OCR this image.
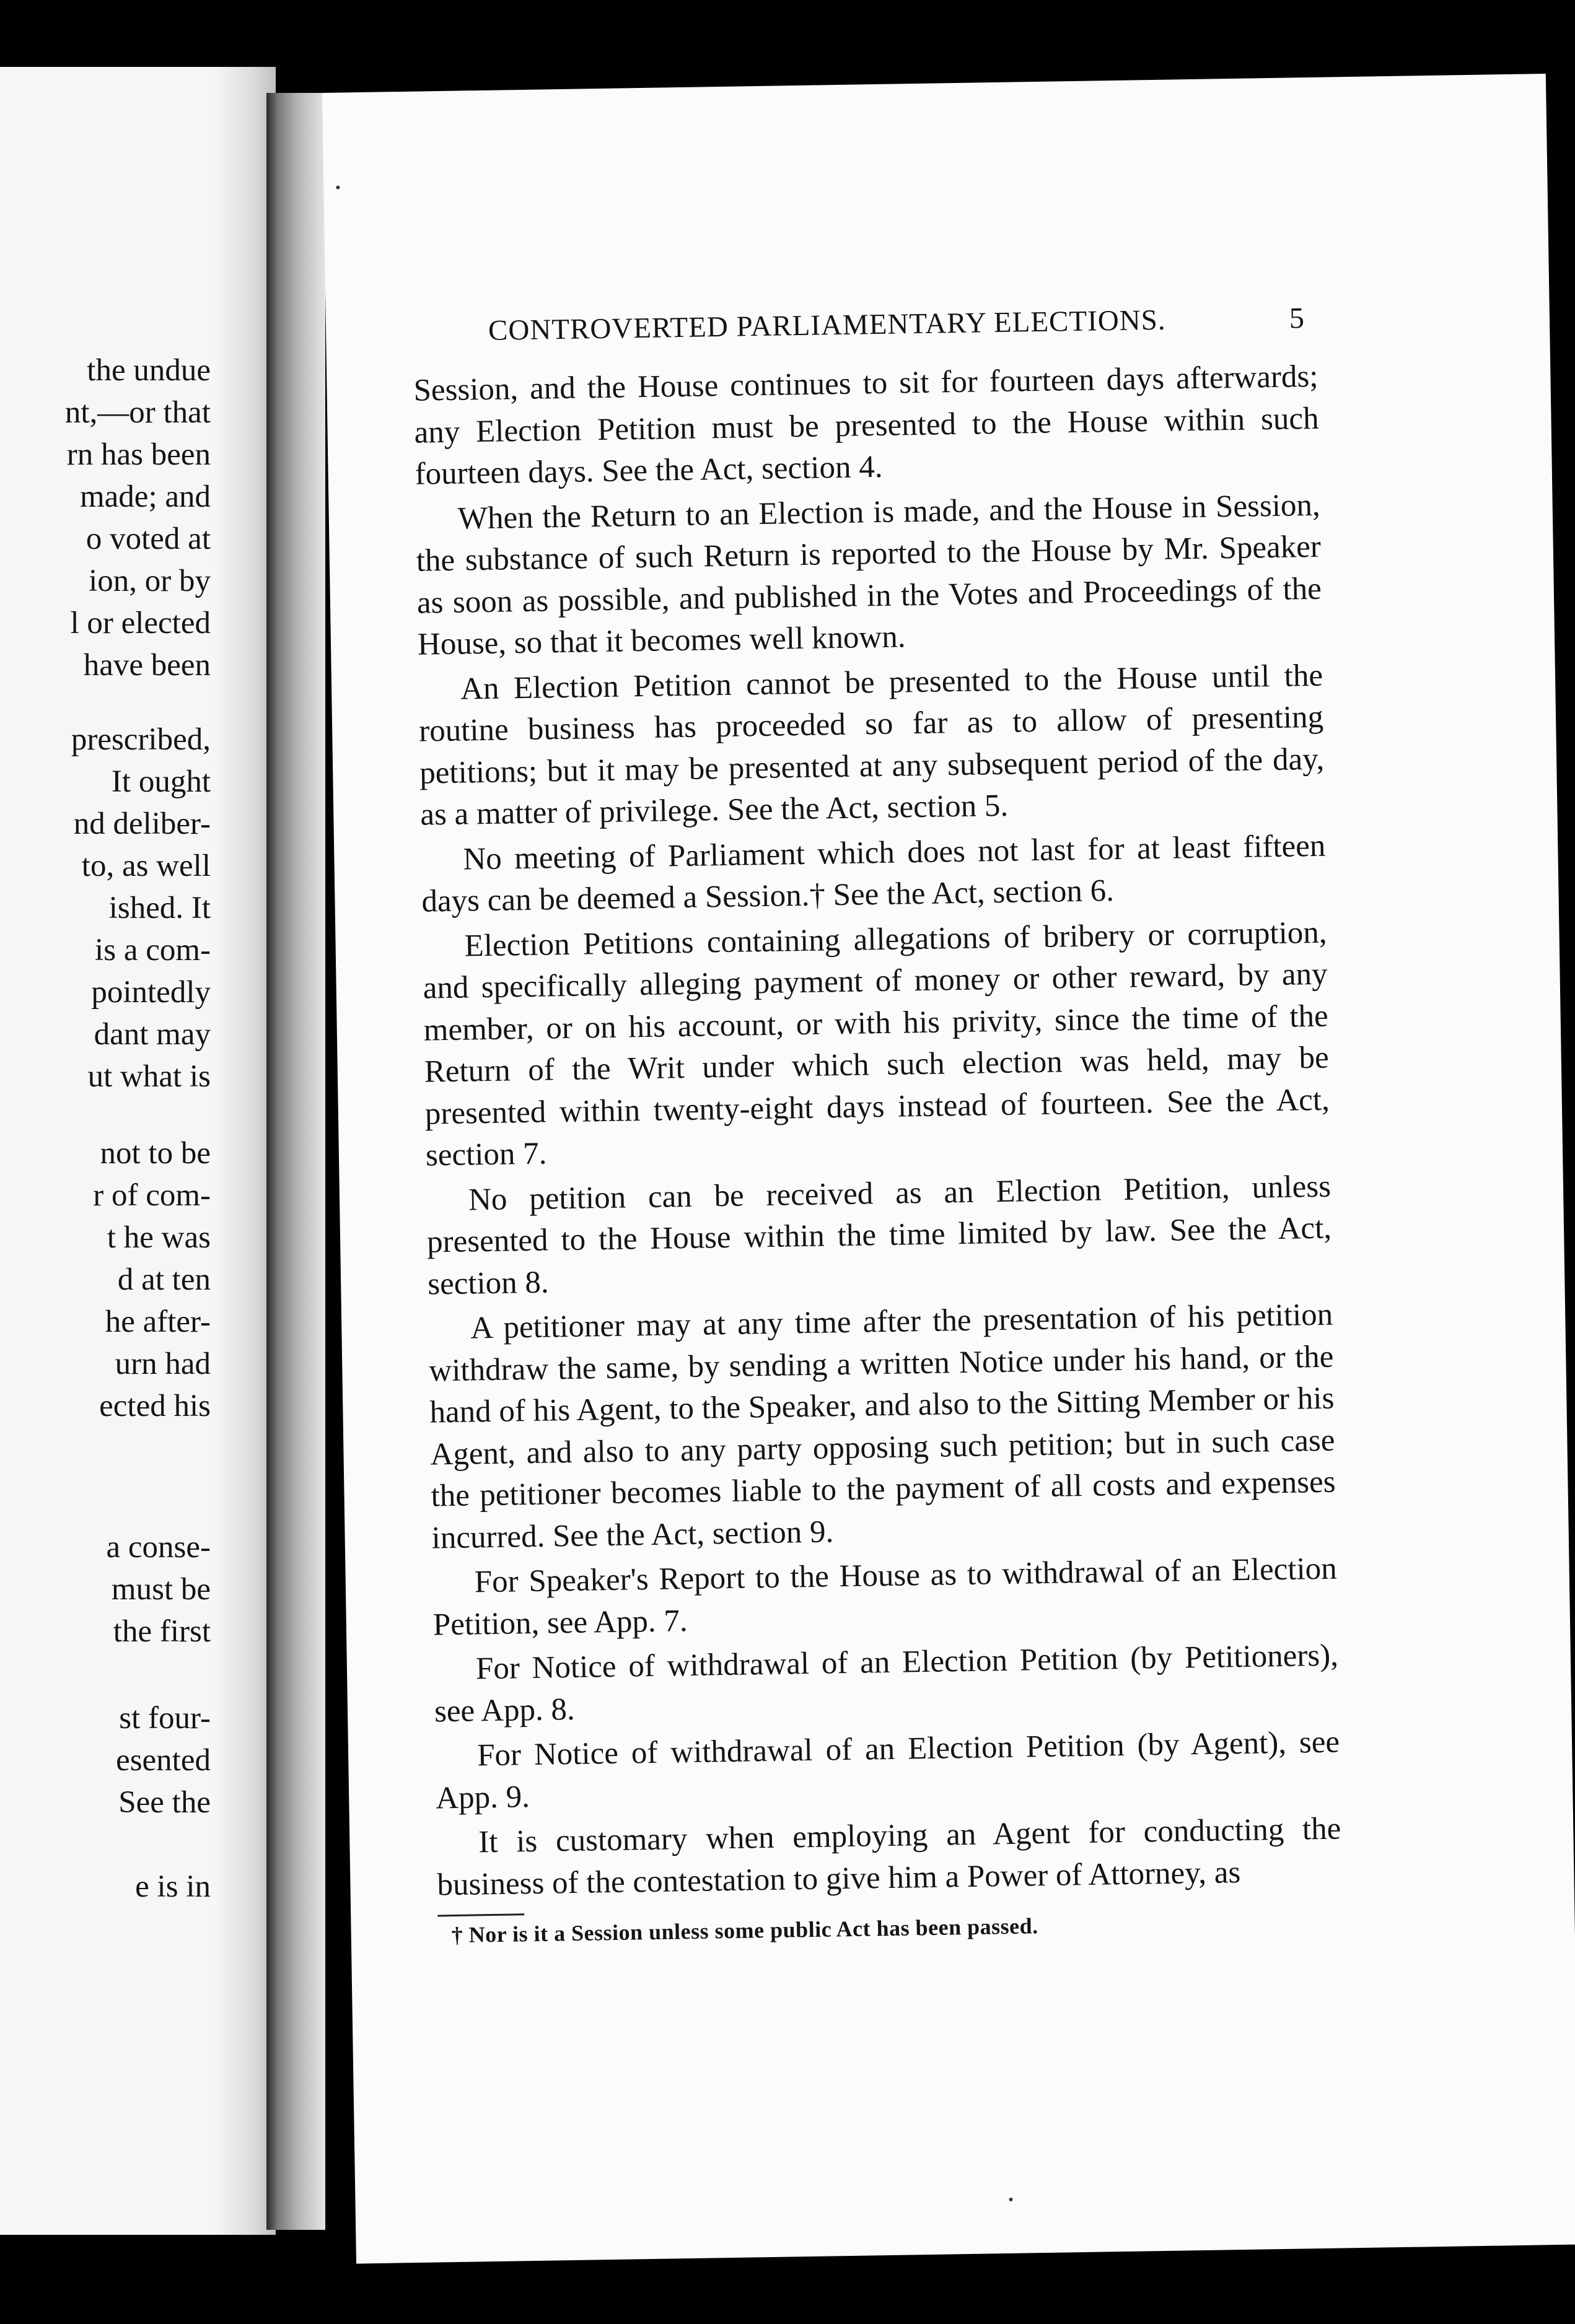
the undue
nt,—or that
rn has been
made; and
o voted at
ion, or by
l or elected
have been
prescribed,
It ought
nd deliber-
to, as well
ished. It
is a com-
pointedly
dant may
ut what is
not to be
r of com-
t he was
d at ten
he after-
urn had
ected his
a conse-
must be
the first
st four-
esented
See the
e is in
CONTROVERTED PARLIAMENTARY ELECTIONS.	5

Session, and the House continues to sit for fourteen days afterwards; any Election Petition must be presented to the House within such fourteen days. See the Act, section 4.

When the Return to an Election is made, and the House in Session, the substance of such Return is reported to the House by Mr. Speaker as soon as possible, and published in the Votes and Proceedings of the House, so that it becomes well known.

An Election Petition cannot be presented to the House until the routine business has proceeded so far as to allow of presenting petitions; but it may be presented at any subsequent period of the day, as a matter of privilege. See the Act, section 5.

No meeting of Parliament which does not last for at least fifteen days can be deemed a Session.† See the Act, section 6.

Election Petitions containing allegations of bribery or corruption, and specifically alleging payment of money or other reward, by any member, or on his account, or with his privity, since the time of the Return of the Writ under which such election was held, may be presented within twenty-eight days instead of fourteen. See the Act, section 7.

No petition can be received as an Election Petition, unless presented to the House within the time limited by law. See the Act, section 8.

A petitioner may at any time after the presentation of his petition withdraw the same, by sending a written Notice under his hand, or the hand of his Agent, to the Speaker, and also to the Sitting Member or his Agent, and also to any party opposing such petition; but in such case the petitioner becomes liable to the payment of all costs and expenses incurred. See the Act, section 9.

For Speaker's Report to the House as to withdrawal of an Election Petition, see App. 7.

For Notice of withdrawal of an Election Petition (by Petitioners), see App. 8.

For Notice of withdrawal of an Election Petition (by Agent), see App. 9.

It is customary when employing an Agent for conducting the business of the contestation to give him a Power of Attorney, as

† Nor is it a Session unless some public Act has been passed.
